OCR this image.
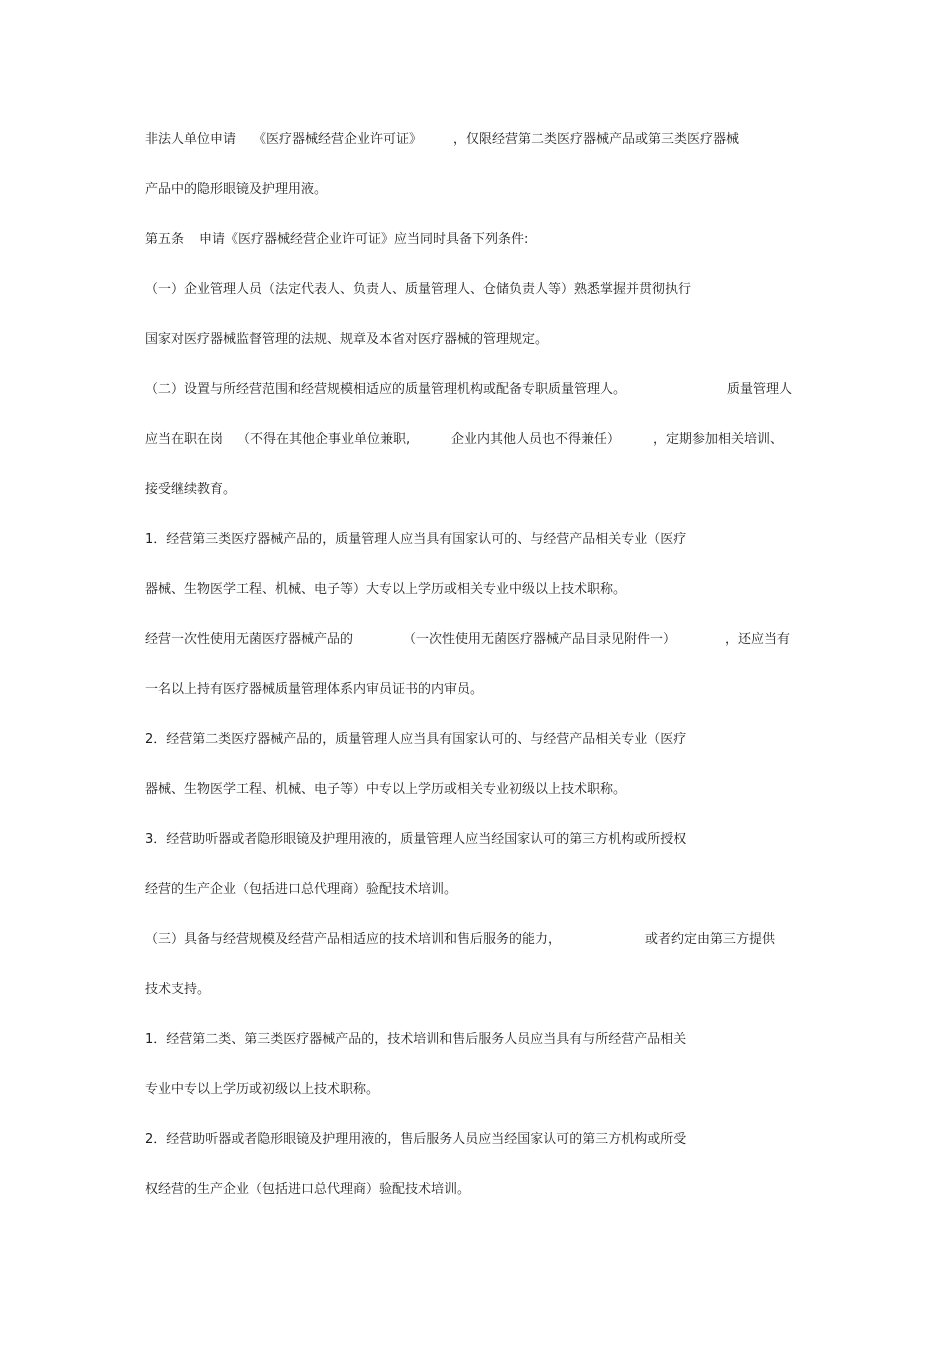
非法人单位申请

《医疗器械经营企业许可证》

，仅限经营第二类医疗器械产品或第三类医疗器械

产品中的隐形眼镜及护理用液。

第五条

申请《医疗器械经营企业许可证》应当同时具备下列条件:

（一）企业管理人员（法定代表人、负责人、质量管理人、仓储负责人等）熟悉掌握并贯彻执行

国家对医疗器械监督管理的法规、规章及本省对医疗器械的管理规定。

（二）设置与所经营范围和经营规模相适应的质量管理机构或配备专职质量管理人。

	质量管理人

应当在职在岗

（不得在其他企事业单位兼职,

	企业内其他人员也不得兼任）

	，定期参加相关培训、

接受继续教育。

1．经营第三类医疗器械产品的，质量管理人应当具有国家认可的、与经营产品相关专业（医疗

器械、生物医学工程、机械、电子等）大专以上学历或相关专业中级以上技术职称。

经营一次性使用无菌医疗器械产品的

	（一次性使用无菌医疗器械产品目录见附件一）

	，还应当有

一名以上持有医疗器械质量管理体系内审员证书的内审员。

2．经营第二类医疗器械产品的，质量管理人应当具有国家认可的、与经营产品相关专业（医疗

器械、生物医学工程、机械、电子等）中专以上学历或相关专业初级以上技术职称。

3．经营助听器或者隐形眼镜及护理用液的，质量管理人应当经国家认可的第三方机构或所授权

经营的生产企业（包括进口总代理商）验配技术培训。

（三）具备与经营规模及经营产品相适应的技术培训和售后服务的能力，

	或者约定由第三方提供

技术支持。

1．经营第二类、第三类医疗器械产品的，技术培训和售后服务人员应当具有与所经营产品相关

专业中专以上学历或初级以上技术职称。

2．经营助听器或者隐形眼镜及护理用液的，售后服务人员应当经国家认可的第三方机构或所受

权经营的生产企业（包括进口总代理商）验配技术培训。
